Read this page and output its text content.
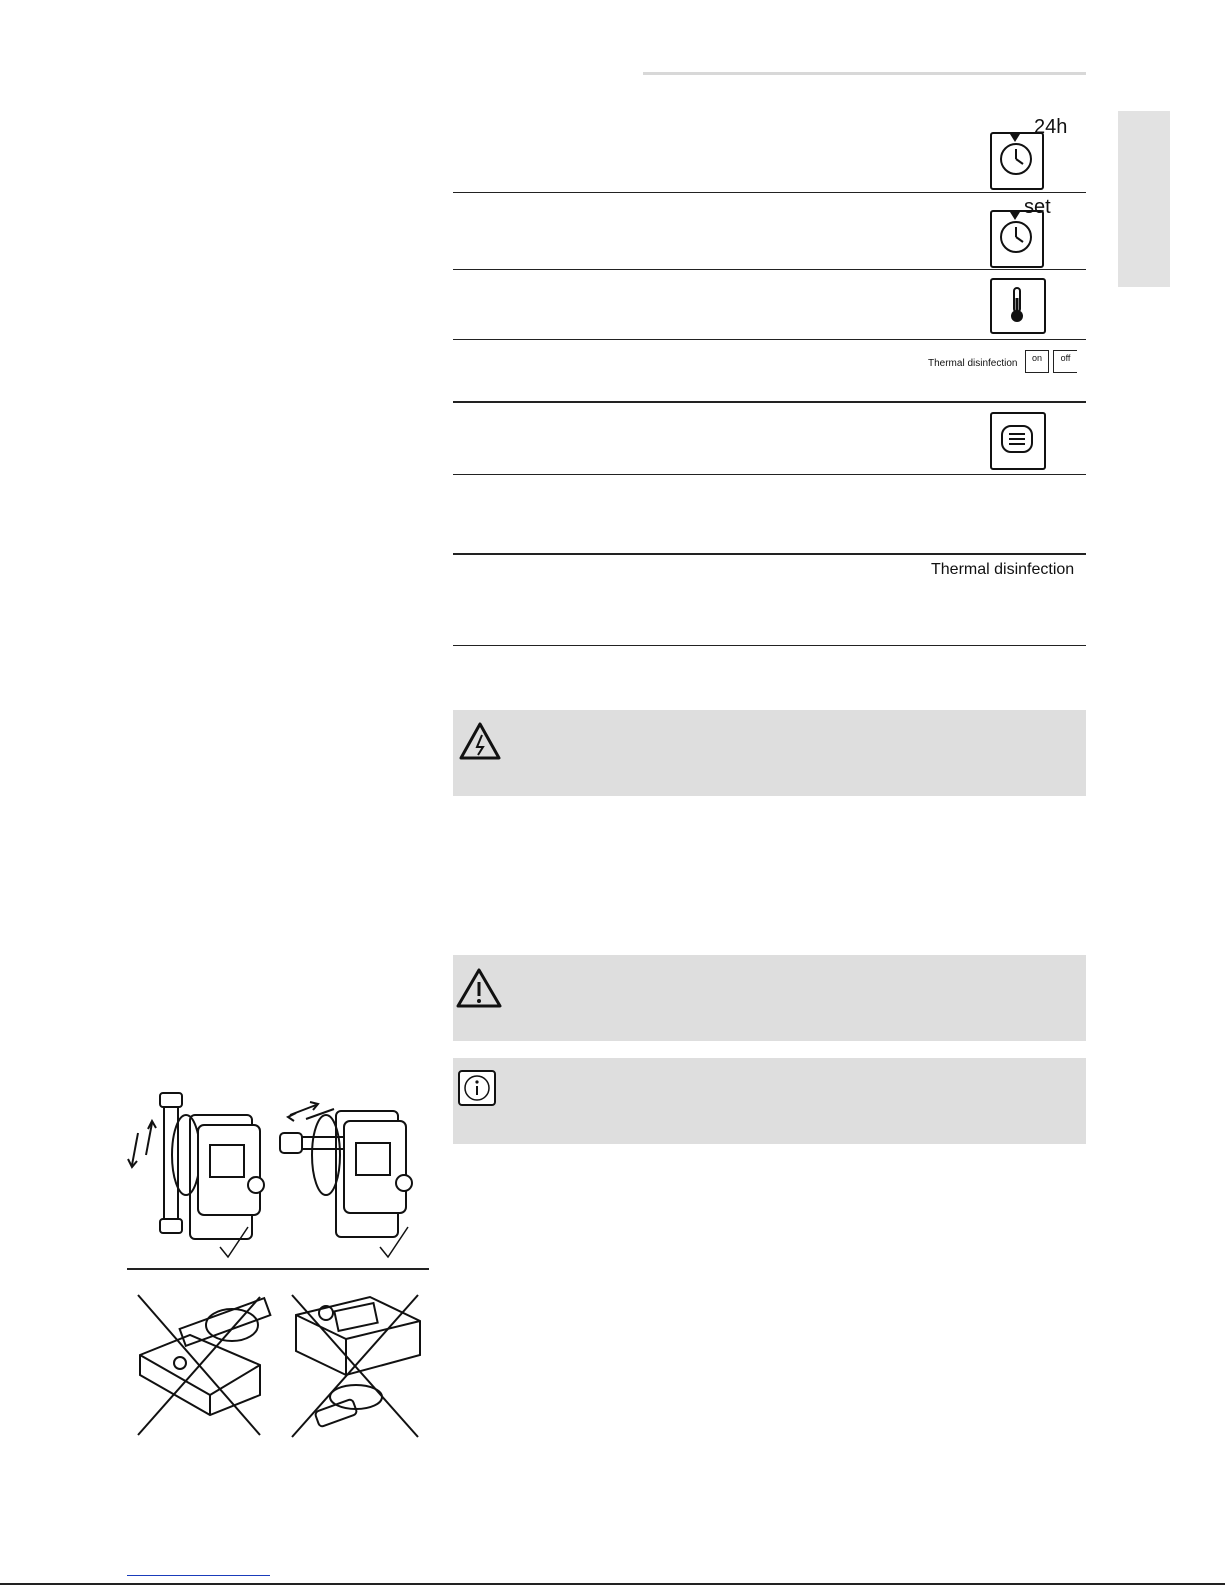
24h
set
Thermal disinfection	on	off
Thermal disinfection
